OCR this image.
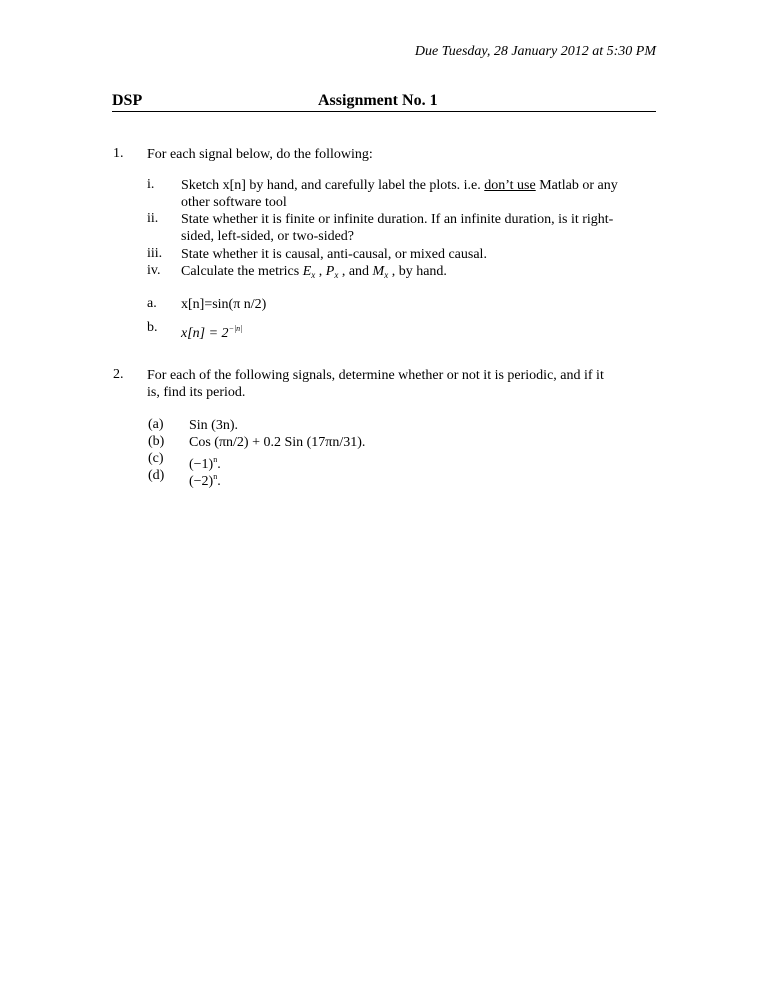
Due Tuesday, 28 January 2012 at 5:30 PM
DSP	Assignment No. 1
1. For each signal below, do the following:
i. Sketch x[n] by hand, and carefully label the plots. i.e. don’t use Matlab or any
other software tool
ii. State whether it is finite or infinite duration. If an infinite duration, is it right-
sided, left-sided, or two-sided?
iii. State whether it is causal, anti-causal, or mixed causal.
iv. Calculate the metrics $E_x$ , $P_x$ , and $M_x$ , by hand.
a.	x[n]=sin(π n/2)
b.	$x[n] = 2^{-|n|}$
2. For each of the following signals, determine whether or not it is periodic, and if it
is, find its period.
(a)	Sin (3n).
(b)	Cos (πn/2) + 0.2 Sin (17πn/31).
(c)	$(-1)^n$.
(d)	$(-2)^n$.
